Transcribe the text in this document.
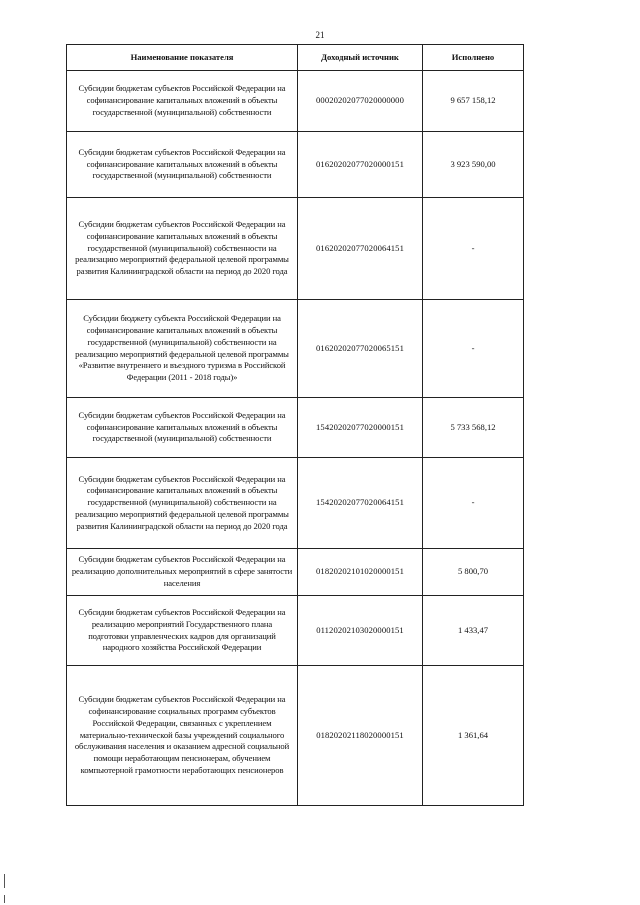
21
Наименование показателя	Доходный источник	Исполнено
Субсидии бюджетам субъектов Российской Федерации на софинансирование капитальных вложений в объекты государственной (муниципальной) собственности	00020202077020000000	9 657 158,12
Субсидии бюджетам субъектов Российской Федерации на софинансирование капитальных вложений в объекты государственной (муниципальной) собственности	01620202077020000151	3 923 590,00
Субсидии бюджетам субъектов Российской Федерации на софинансирование капитальных вложений в объекты государственной (муниципальной) собственности на реализацию мероприятий федеральной целевой программы развития Калининградской области на период до 2020 года	01620202077020064151	-
Субсидии бюджету субъекта Российской Федерации на софинансирование капитальных вложений в объекты государственной (муниципальной) собственности на реализацию мероприятий федеральной целевой программы «Развитие внутреннего и въездного туризма в Российской Федерации (2011 - 2018 годы)»	01620202077020065151	-
Субсидии бюджетам субъектов Российской Федерации на софинансирование капитальных вложений в объекты государственной (муниципальной) собственности	15420202077020000151	5 733 568,12
Субсидии бюджетам субъектов Российской Федерации на софинансирование капитальных вложений в объекты государственной (муниципальной) собственности на реализацию мероприятий федеральной целевой программы развития Калининградской области на период до 2020 года	15420202077020064151	-
Субсидии бюджетам субъектов Российской Федерации на реализацию дополнительных мероприятий в сфере занятости населения	01820202101020000151	5 800,70
Субсидии бюджетам субъектов Российской Федерации на реализацию мероприятий Государственного плана подготовки управленческих кадров для организаций народного хозяйства Российской Федерации	01120202103020000151	1 433,47
Субсидии бюджетам субъектов Российской Федерации на софинансирование социальных программ субъектов Российской Федерации, связанных с укреплением материально-технической базы учреждений социального обслуживания населения и оказанием адресной социальной помощи неработающим пенсионерам, обучением компьютерной грамотности неработающих пенсионеров	01820202118020000151	1 361,64
